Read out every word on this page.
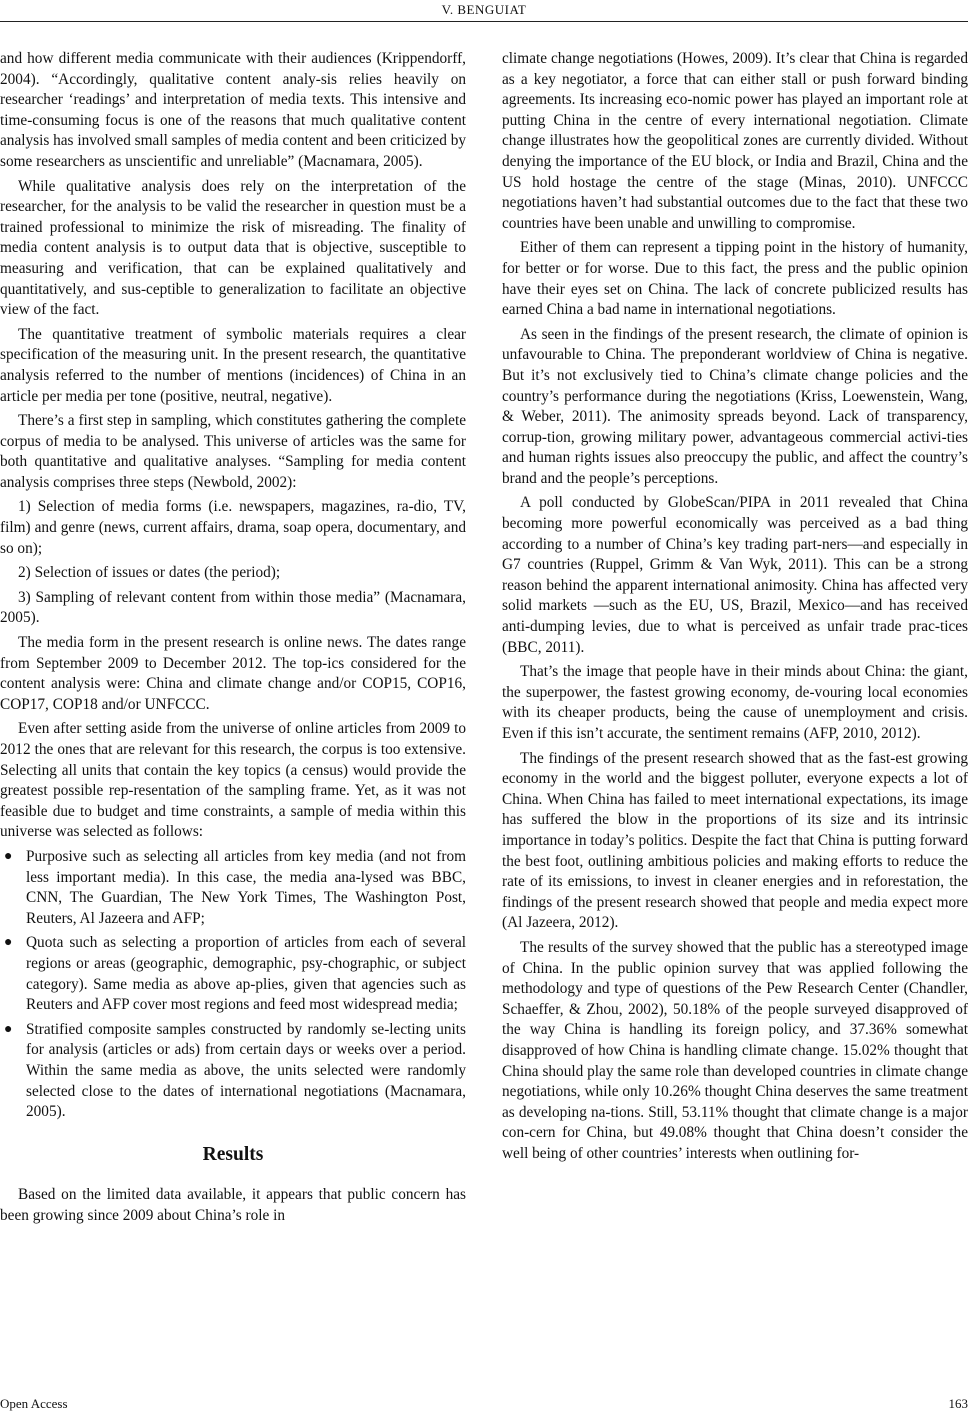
V. BENGUIAT

and how different media communicate with their audiences (Krippendorff, 2004). “Accordingly, qualitative content analy-sis relies heavily on researcher ‘readings’ and interpretation of media texts. This intensive and time-consuming focus is one of the reasons that much qualitative content analysis has involved small samples of media content and been criticized by some researchers as unscientific and unreliable” (Macnamara, 2005).

While qualitative analysis does rely on the interpretation of the researcher, for the analysis to be valid the researcher in question must be a trained professional to minimize the risk of misreading. The finality of media content analysis is to output data that is objective, susceptible to measuring and verification, that can be explained qualitatively and quantitatively, and sus-ceptible to generalization to facilitate an objective view of the fact.

The quantitative treatment of symbolic materials requires a clear specification of the measuring unit. In the present research, the quantitative analysis referred to the number of mentions (incidences) of China in an article per media per tone (positive, neutral, negative).

There’s a first step in sampling, which constitutes gathering the complete corpus of media to be analysed. This universe of articles was the same for both quantitative and qualitative analyses. “Sampling for media content analysis comprises three steps (Newbold, 2002):

1) Selection of media forms (i.e. newspapers, magazines, ra-dio, TV, film) and genre (news, current affairs, drama, soap opera, documentary, and so on);

2) Selection of issues or dates (the period);

3) Sampling of relevant content from within those media” (Macnamara, 2005).

The media form in the present research is online news. The dates range from September 2009 to December 2012. The top-ics considered for the content analysis were: China and climate change and/or COP15, COP16, COP17, COP18 and/or UNFCCC.

Even after setting aside from the universe of online articles from 2009 to 2012 the ones that are relevant for this research, the corpus is too extensive. Selecting all units that contain the key topics (a census) would provide the greatest possible rep-resentation of the sampling frame. Yet, as it was not feasible due to budget and time constraints, a sample of media within this universe was selected as follows:

● Purposive such as selecting all articles from key media (and not from less important media). In this case, the media ana-lysed was BBC, CNN, The Guardian, The New York Times, The Washington Post, Reuters, Al Jazeera and AFP;
● Quota such as selecting a proportion of articles from each of several regions or areas (geographic, demographic, psy-chographic, or subject category). Same media as above ap-plies, given that agencies such as Reuters and AFP cover most regions and feed most widespread media;
● Stratified composite samples constructed by randomly se-lecting units for analysis (articles or ads) from certain days or weeks over a period. Within the same media as above, the units selected were randomly selected close to the dates of international negotiations (Macnamara, 2005).
Results

Based on the limited data available, it appears that public concern has been growing since 2009 about China’s role in

climate change negotiations (Howes, 2009). It’s clear that China is regarded as a key negotiator, a force that can either stall or push forward binding agreements. Its increasing eco-nomic power has played an important role at putting China in the centre of every international negotiation. Climate change illustrates how the geopolitical zones are currently divided. Without denying the importance of the EU block, or India and Brazil, China and the US hold hostage the centre of the stage (Minas, 2010). UNFCCC negotiations haven’t had substantial outcomes due to the fact that these two countries have been unable and unwilling to compromise.

Either of them can represent a tipping point in the history of humanity, for better or for worse. Due to this fact, the press and the public opinion have their eyes set on China. The lack of concrete publicized results has earned China a bad name in international negotiations.

As seen in the findings of the present research, the climate of opinion is unfavourable to China. The preponderant worldview of China is negative. But it’s not exclusively tied to China’s climate change policies and the country’s performance during the negotiations (Kriss, Loewenstein, Wang, & Weber, 2011). The animosity spreads beyond. Lack of transparency, corrup-tion, growing military power, advantageous commercial activi-ties and human rights issues also preoccupy the public, and affect the country’s brand and the people’s perceptions.

A poll conducted by GlobeScan/PIPA in 2011 revealed that China becoming more powerful economically was perceived as a bad thing according to a number of China’s key trading part-ners—and especially in G7 countries (Ruppel, Grimm & Van Wyk, 2011). This can be a strong reason behind the apparent international animosity. China has affected very solid markets —such as the EU, US, Brazil, Mexico—and has received anti-dumping levies, due to what is perceived as unfair trade prac-tices (BBC, 2011).

That’s the image that people have in their minds about China: the giant, the superpower, the fastest growing economy, de-vouring local economies with its cheaper products, being the cause of unemployment and crisis. Even if this isn’t accurate, the sentiment remains (AFP, 2010, 2012).

The findings of the present research showed that as the fast-est growing economy in the world and the biggest polluter, everyone expects a lot of China. When China has failed to meet international expectations, its image has suffered the blow in the proportions of its size and its intrinsic importance in today’s politics. Despite the fact that China is putting forward the best foot, outlining ambitious policies and making efforts to reduce the rate of its emissions, to invest in cleaner energies and in reforestation, the findings of the present research showed that people and media expect more (Al Jazeera, 2012).

The results of the survey showed that the public has a stereotyped image of China. In the public opinion survey that was applied following the methodology and type of questions of the Pew Research Center (Chandler, Schaeffer, & Zhou, 2002), 50.18% of the people surveyed disapproved of the way China is handling its foreign policy, and 37.36% somewhat disapproved of how China is handling climate change. 15.02% thought that China should play the same role than developed countries in climate change negotiations, while only 10.26% thought China deserves the same treatment as developing na-tions. Still, 53.11% thought that climate change is a major con-cern for China, but 49.08% thought that China doesn’t consider the well being of other countries’ interests when outlining for-

Open Access	163
